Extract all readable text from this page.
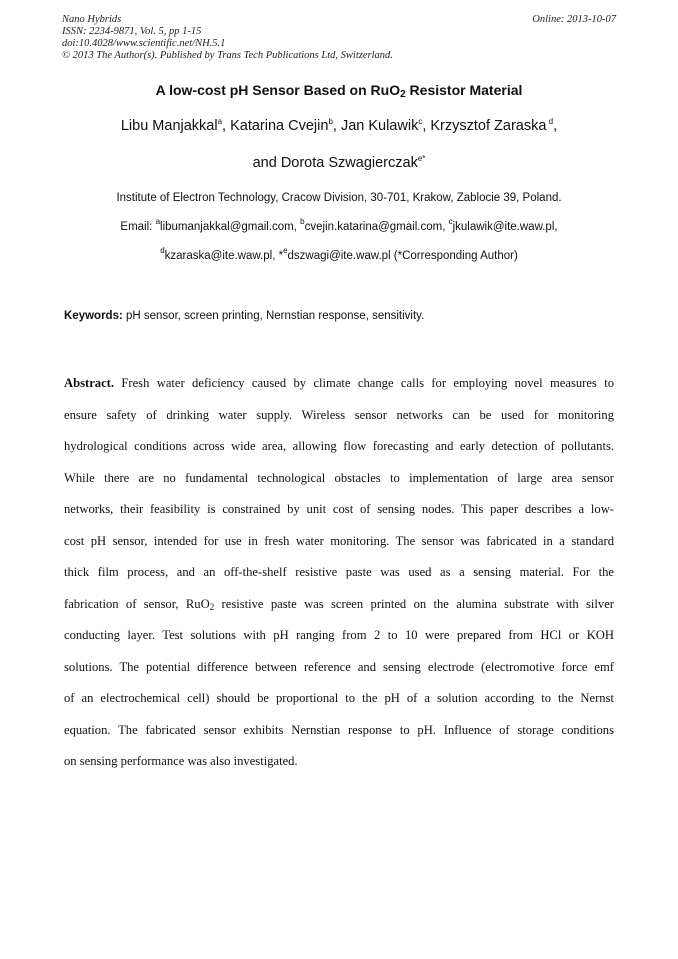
Nano Hybrids
ISSN: 2234-9871, Vol. 5, pp 1-15
doi:10.4028/www.scientific.net/NH.5.1
© 2013 The Author(s). Published by Trans Tech Publications Ltd, Switzerland.
Online: 2013-10-07
A low-cost pH Sensor Based on RuO$_2$ Resistor Material
Libu Manjakkal$^a$, Katarina Cvejin$^b$, Jan Kulawik$^c$, Krzysztof Zaraska $^d$,
and Dorota Szwagierczak$^{e*}$
Institute of Electron Technology, Cracow Division, 30-701, Krakow, Zablocie 39, Poland.
Email: $^a$libumanjakkal@gmail.com, $^b$cvejin.katarina@gmail.com, $^c$jkulawik@ite.waw.pl,
$^d$kzaraska@ite.waw.pl, *$^e$dszwagi@ite.waw.pl (*Corresponding Author)
Keywords: pH sensor, screen printing, Nernstian response, sensitivity.
Abstract. Fresh water deficiency caused by climate change calls for employing novel measures to
ensure safety of drinking water supply. Wireless sensor networks can be used for monitoring
hydrological conditions across wide area, allowing flow forecasting and early detection of pollutants.
While there are no fundamental technological obstacles to implementation of large area sensor
networks, their feasibility is constrained by unit cost of sensing nodes. This paper describes a low-
cost pH sensor, intended for use in fresh water monitoring. The sensor was fabricated in a standard
thick film process, and an off-the-shelf resistive paste was used as a sensing material. For the
fabrication of sensor, RuO$_2$ resistive paste was screen printed on the alumina substrate with silver
conducting layer. Test solutions with pH ranging from 2 to 10 were prepared from HCl or KOH
solutions. The potential difference between reference and sensing electrode (electromotive force emf
of an electrochemical cell) should be proportional to the pH of a solution according to the Nernst
equation. The fabricated sensor exhibits Nernstian response to pH. Influence of storage conditions
on sensing performance was also investigated.
